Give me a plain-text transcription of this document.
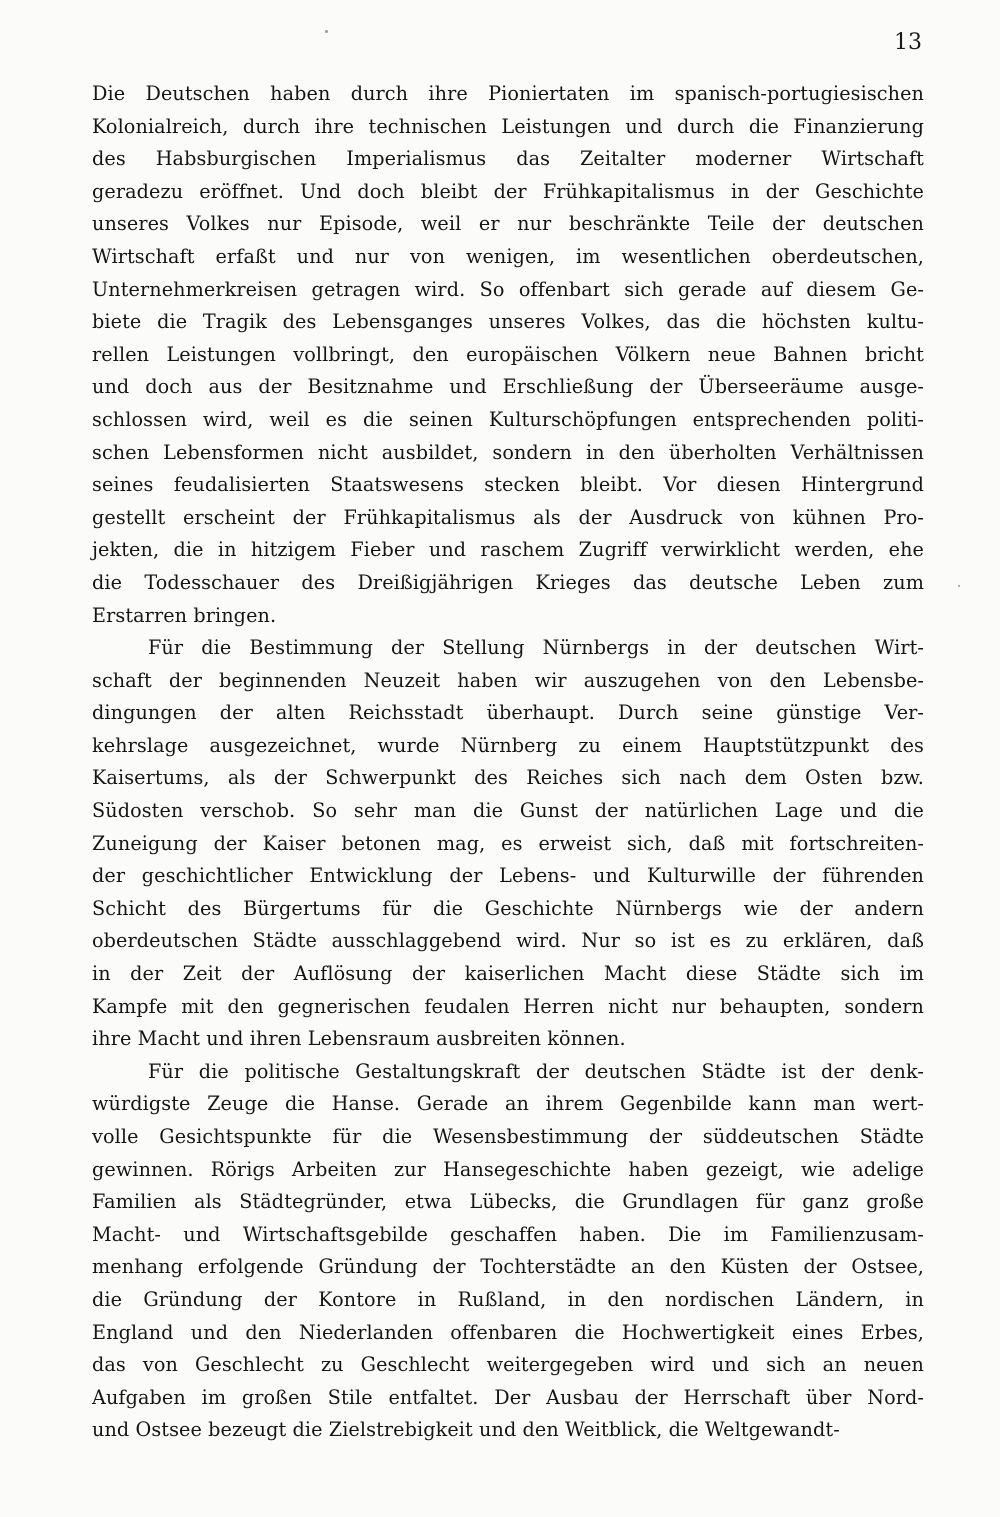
13
Die Deutschen haben durch ihre Pioniertaten im spanisch-portugiesischen
Kolonialreich, durch ihre technischen Leistungen und durch die Finanzierung
des Habsburgischen Imperialismus das Zeitalter moderner Wirtschaft
geradezu eröffnet. Und doch bleibt der Frühkapitalismus in der Geschichte
unseres Volkes nur Episode, weil er nur beschränkte Teile der deutschen
Wirtschaft erfaßt und nur von wenigen, im wesentlichen oberdeutschen,
Unternehmerkreisen getragen wird. So offenbart sich gerade auf diesem Ge-
biete die Tragik des Lebensganges unseres Volkes, das die höchsten kultu-
rellen Leistungen vollbringt, den europäischen Völkern neue Bahnen bricht
und doch aus der Besitznahme und Erschließung der Überseeräume ausge-
schlossen wird, weil es die seinen Kulturschöpfungen entsprechenden politi-
schen Lebensformen nicht ausbildet, sondern in den überholten Verhältnissen
seines feudalisierten Staatswesens stecken bleibt. Vor diesen Hintergrund
gestellt erscheint der Frühkapitalismus als der Ausdruck von kühnen Pro-
jekten, die in hitzigem Fieber und raschem Zugriff verwirklicht werden, ehe
die Todesschauer des Dreißigjährigen Krieges das deutsche Leben zum
Erstarren bringen.
Für die Bestimmung der Stellung Nürnbergs in der deutschen Wirt-
schaft der beginnenden Neuzeit haben wir auszugehen von den Lebensbe-
dingungen der alten Reichsstadt überhaupt. Durch seine günstige Ver-
kehrslage ausgezeichnet, wurde Nürnberg zu einem Hauptstützpunkt des
Kaisertums, als der Schwerpunkt des Reiches sich nach dem Osten bzw.
Südosten verschob. So sehr man die Gunst der natürlichen Lage und die
Zuneigung der Kaiser betonen mag, es erweist sich, daß mit fortschreiten-
der geschichtlicher Entwicklung der Lebens- und Kulturwille der führenden
Schicht des Bürgertums für die Geschichte Nürnbergs wie der andern
oberdeutschen Städte ausschlaggebend wird. Nur so ist es zu erklären, daß
in der Zeit der Auflösung der kaiserlichen Macht diese Städte sich im
Kampfe mit den gegnerischen feudalen Herren nicht nur behaupten, sondern
ihre Macht und ihren Lebensraum ausbreiten können.
Für die politische Gestaltungskraft der deutschen Städte ist der denk-
würdigste Zeuge die Hanse. Gerade an ihrem Gegenbilde kann man wert-
volle Gesichtspunkte für die Wesensbestimmung der süddeutschen Städte
gewinnen. Rörigs Arbeiten zur Hansegeschichte haben gezeigt, wie adelige
Familien als Städtegründer, etwa Lübecks, die Grundlagen für ganz große
Macht- und Wirtschaftsgebilde geschaffen haben. Die im Familienzusam-
menhang erfolgende Gründung der Tochterstädte an den Küsten der Ostsee,
die Gründung der Kontore in Rußland, in den nordischen Ländern, in
England und den Niederlanden offenbaren die Hochwertigkeit eines Erbes,
das von Geschlecht zu Geschlecht weitergegeben wird und sich an neuen
Aufgaben im großen Stile entfaltet. Der Ausbau der Herrschaft über Nord-
und Ostsee bezeugt die Zielstrebigkeit und den Weitblick, die Weltgewandt-
